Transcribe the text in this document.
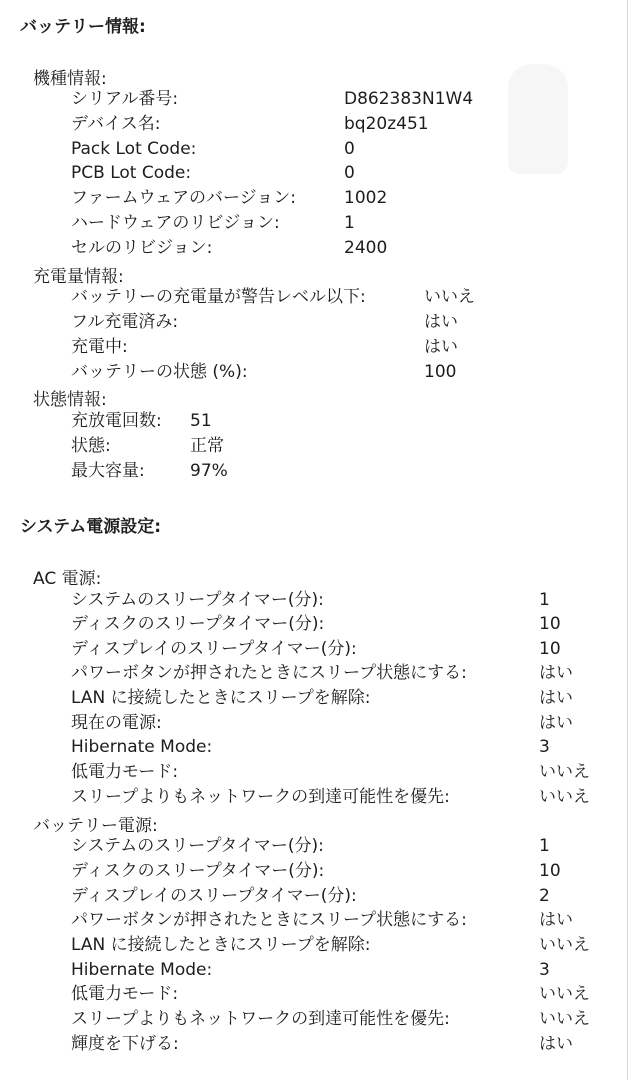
バッテリー情報:
機種情報:
シリアル番号:	D862383N1W4
デバイス名:	bq20z451
Pack Lot Code:	0
PCB Lot Code:	0
ファームウェアのバージョン:	1002
ハードウェアのリビジョン:	1
セルのリビジョン:	2400
充電量情報:
バッテリーの充電量が警告レベル以下:	いいえ
フル充電済み:	はい
充電中:	はい
バッテリーの状態 (%):	100
状態情報:
充放電回数: 51
状態:	正常
最大容量:	97%
システム電源設定:
AC 電源:
システムのスリープタイマー(分):	1
ディスクのスリープタイマー(分):	10
ディスプレイのスリープタイマー(分):	10
パワーボタンが押されたときにスリープ状態にする:	はい
LAN に接続したときにスリープを解除:	はい
現在の電源:	はい
Hibernate Mode:	3
低電力モード:	いいえ
スリープよりもネットワークの到達可能性を優先:	いいえ
バッテリー電源:
システムのスリープタイマー(分):	1
ディスクのスリープタイマー(分):	10
ディスプレイのスリープタイマー(分):	2
パワーボタンが押されたときにスリープ状態にする:	はい
LAN に接続したときにスリープを解除:	いいえ
Hibernate Mode:	3
低電力モード:	いいえ
スリープよりもネットワークの到達可能性を優先:	いいえ
輝度を下げる:	はい
